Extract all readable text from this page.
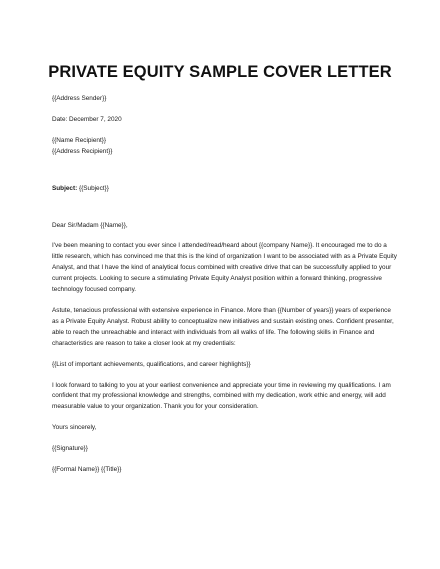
PRIVATE EQUITY SAMPLE COVER LETTER

{{Address Sender}}

Date: December 7, 2020

{{Name Recipient}}

{{Address Recipient}}

Subject: {{Subject}}

Dear Sir/Madam {{Name}},

I've been meaning to contact you ever since I attended/read/heard about {{company Name}}. It encouraged me to do a little research, which has convinced me that this is the kind of organization I want to be associated with as a Private Equity Analyst, and that I have the kind of analytical focus combined with creative drive that can be successfully applied to your current projects. Looking to secure a stimulating Private Equity Analyst position within a forward thinking, progressive technology focused company.

Astute, tenacious professional with extensive experience in Finance. More than {{Number of years}} years of experience as a Private Equity Analyst. Robust ability to conceptualize new initiatives and sustain existing ones. Confident presenter, able to reach the unreachable and interact with individuals from all walks of life. The following skills in Finance and characteristics are reason to take a closer look at my credentials:

{{List of important achievements, qualifications, and career highlights}}

I look forward to talking to you at your earliest convenience and appreciate your time in reviewing my qualifications. I am confident that my professional knowledge and strengths, combined with my dedication, work ethic and energy, will add measurable value to your organization. Thank you for your consideration.

Yours sincerely,

{{Signature}}

{{Formal Name}} {{Title}}
